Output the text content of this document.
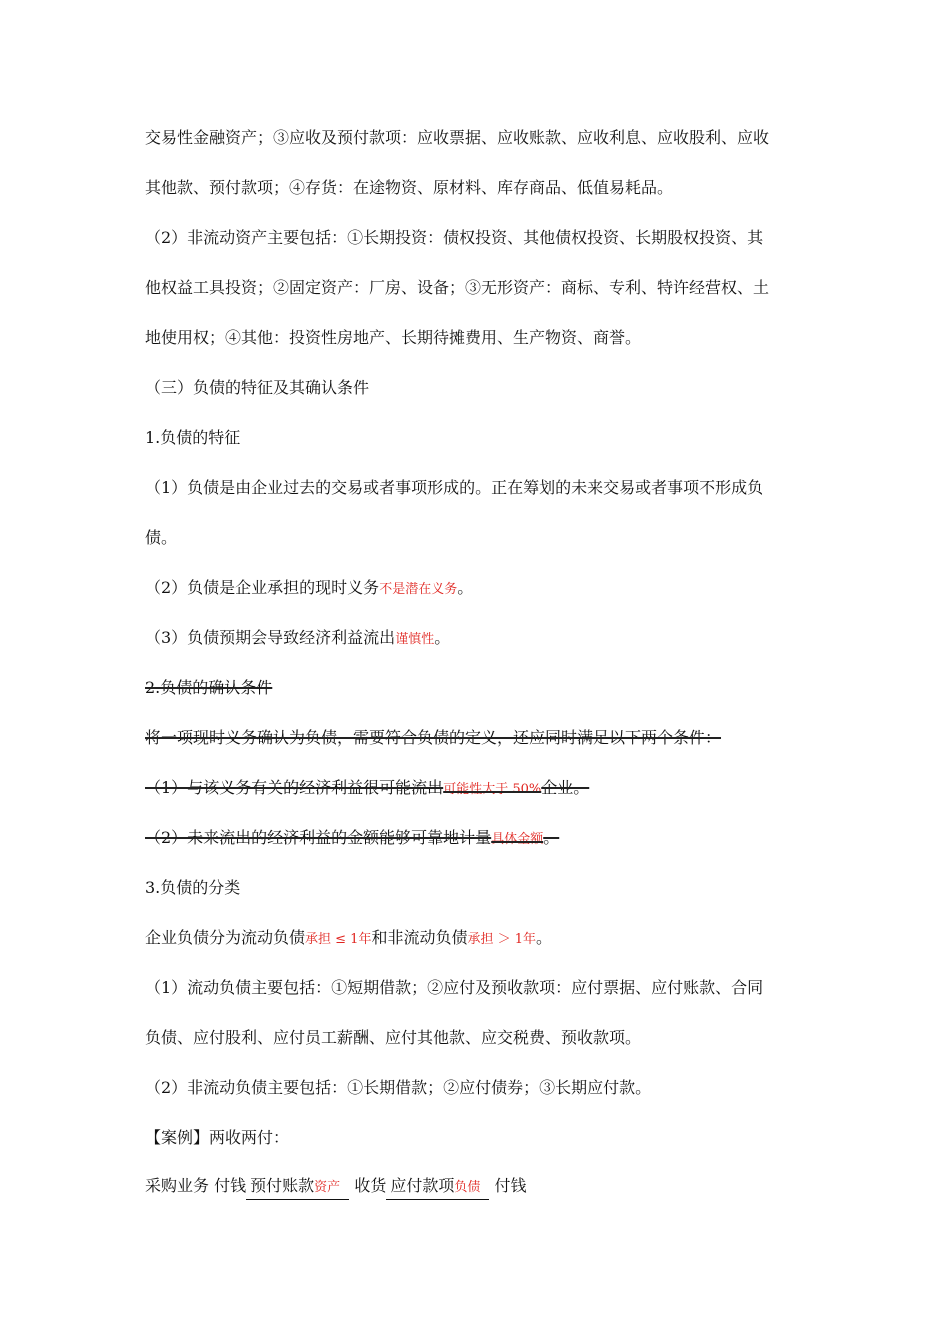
交易性金融资产；③应收及预付款项：应收票据、应收账款、应收利息、应收股利、应收
其他款、预付款项；④存货：在途物资、原材料、库存商品、低值易耗品。
（2）非流动资产主要包括：①长期投资：债权投资、其他债权投资、长期股权投资、其
他权益工具投资；②固定资产：厂房、设备；③无形资产：商标、专利、特许经营权、土
地使用权；④其他：投资性房地产、长期待摊费用、生产物资、商誉。
（三）负债的特征及其确认条件
1.负债的特征
（1）负债是由企业过去的交易或者事项形成的。正在筹划的未来交易或者事项不形成负
债。
（2）负债是企业承担的现时义务不是潜在义务。
（3）负债预期会导致经济利益流出谨慎性。
2.负债的确认条件
将一项现时义务确认为负债，需要符合负债的定义，还应同时满足以下两个条件：
（1）与该义务有关的经济利益很可能流出可能性大于 50%企业。
（2）未来流出的经济利益的金额能够可靠地计量具体金额。
3.负债的分类
企业负债分为流动负债承担 ≤ 1年和非流动负债承担 ＞ 1年。
（1）流动负债主要包括：①短期借款；②应付及预收款项：应付票据、应付账款、合同
负债、应付股利、应付员工薪酬、应付其他款、应交税费、预收款项。
（2）非流动负债主要包括：①长期借款；②应付债券；③长期应付款。
【案例】两收两付：
采购业务 付钱 预付账款资产 收货 应付款项负债 付钱
